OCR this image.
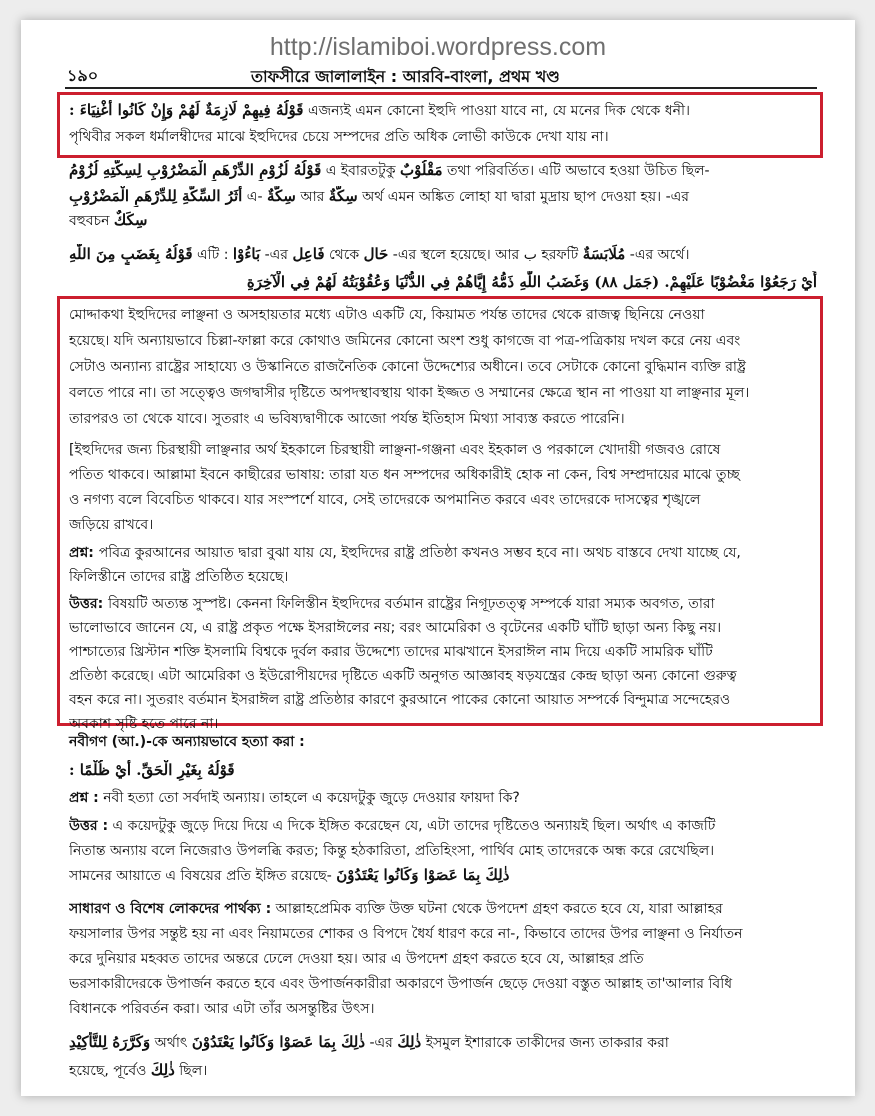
http://islamiboi.wordpress.com
১৯০	তাফসীরে জালালাইন : আরবি-বাংলা, প্রথম খণ্ড
قَوْلُهُ فِيهِمْ لَازِمَةٌ لَهُمْ وَإِنْ كَانُوا أَغْنِيَاءَ : এজন্যই এমন কোনো ইহুদি পাওয়া যাবে না, যে মনের দিক থেকে ধনী।
পৃথিবীর সকল ধর্মালম্বীদের মাঝে ইহুদিদের চেয়ে সম্পদের প্রতি অধিক লোভী কাউকে দেখা যায় না।
لُزُوْمُ قَوْلُهُ لُزُوْمِ الدِّرْهَمِ الْمَضْرُوْبِ لِسِكَّتِهِ এ ইবারতটুকু مَقْلُوْبٌ তথা পরিবর্তিত। এটি অভাবে হওয়া উচিত ছিল-
أَثَرُ السِّكَّةِ لِلدِّرْهَمِ الْمَضْرُوْبِ এ- سِكَّةٌ আর سِكَّةٌ অর্থ এমন অঙ্কিত লোহা যা দ্বারা মুদ্রায় ছাপ দেওয়া হয়। -এর
বহুবচন سِكَكٌ
قَوْلُهُ بِغَضَبٍ مِنَ اللّٰهِ এটি : بَاءُوْا -এর فَاعِل থেকে حَال -এর স্থলে হয়েছে। আর ب হরফটি مُلَابَسَةٌ -এর অর্থে।
أَيْ رَجَعُوْا مَغْضُوْبًا عَلَيْهِمْ. (جَمَل ٨٨) وَغَضَبُ اللّٰهِ ذَمُّهُ إِيَّاهُمْ فِي الدُّنْيَا وَعُقُوْبَتُهُ لَهُمْ فِي الْآخِرَةِ
মোদ্দাকথা ইহুদিদের লাঞ্ছনা ও অসহায়তার মধ্যে এটাও একটি যে, কিয়ামত পর্যন্ত তাদের থেকে রাজত্ব ছিনিয়ে নেওয়া
হয়েছে। যদি অন্যায়ভাবে চিল্লা-ফাল্লা করে কোথাও জমিনের কোনো অংশ শুধু কাগজে বা পত্র-পত্রিকায় দখল করে নেয় এবং
সেটাও অন্যান্য রাষ্ট্রের সাহায্যে ও উস্কানিতে রাজনৈতিক কোনো উদ্দেশ্যের অধীনে। তবে সেটাকে কোনো বুদ্ধিমান ব্যক্তি রাষ্ট্র
বলতে পারে না। তা সত্ত্বেও জগদ্বাসীর দৃষ্টিতে অপদস্থাবস্থায় থাকা ইজ্জত ও সম্মানের ক্ষেত্রে স্থান না পাওয়া যা লাঞ্ছনার মূল।
তারপরও তা থেকে যাবে। সুতরাং এ ভবিষ্যদ্বাণীকে আজো পর্যন্ত ইতিহাস মিথ্যা সাব্যস্ত করতে পারেনি।
[ইহুদিদের জন্য চিরস্থায়ী লাঞ্ছনার অর্থ ইহকালে চিরস্থায়ী লাঞ্ছনা-গঞ্জনা এবং ইহকাল ও পরকালে খোদায়ী গজবও রোষে
পতিত থাকবে। আল্লামা ইবনে কাছীরের ভাষায়: তারা যত ধন সম্পদের অধিকারীই হোক না কেন, বিশ্ব সম্প্রদায়ের মাঝে তুচ্ছ
ও নগণ্য বলে বিবেচিত থাকবে। যার সংস্পর্শে যাবে, সেই তাদেরকে অপমানিত করবে এবং তাদেরকে দাসত্বের শৃঙ্খলে
জড়িয়ে রাখবে।
প্রশ্ন: পবিত্র কুরআনের আয়াত দ্বারা বুঝা যায় যে, ইহুদিদের রাষ্ট্র প্রতিষ্ঠা কখনও সম্ভব হবে না। অথচ বাস্তবে দেখা যাচ্ছে যে,
ফিলিস্তীনে তাদের রাষ্ট্র প্রতিষ্ঠিত হয়েছে।
উত্তর: বিষয়টি অত্যন্ত সুস্পষ্ট। কেননা ফিলিস্তীন ইহুদিদের বর্তমান রাষ্ট্রের নিগূঢ়তত্ত্ব সম্পর্কে যারা সম্যক অবগত, তারা
ভালোভাবে জানেন যে, এ রাষ্ট্র প্রকৃত পক্ষে ইসরাঈলের নয়; বরং আমেরিকা ও বৃটেনের একটি ঘাঁটি ছাড়া অন্য কিছু নয়।
পাশ্চাত্যের খ্রিস্টান শক্তি ইসলামি বিশ্বকে দুর্বল করার উদ্দেশ্যে তাদের মাঝখানে ইসরাঈল নাম দিয়ে একটি সামরিক ঘাঁটি
প্রতিষ্ঠা করেছে। এটা আমেরিকা ও ইউরোপীয়দের দৃষ্টিতে একটি অনুগত আজ্ঞাবহ ষড়যন্ত্রের কেন্দ্র ছাড়া অন্য কোনো গুরুত্ব
বহন করে না। সুতরাং বর্তমান ইসরাঈল রাষ্ট্র প্রতিষ্ঠার কারণে কুরআনে পাকের কোনো আয়াত সম্পর্কে বিন্দুমাত্র সন্দেহেরও
অবকাশ সৃষ্টি হতে পারে না।
নবীগণ (আ.)-কে অন্যায়ভাবে হত্যা করা :
قَوْلُهُ بِغَيْرِ الْحَقِّ. أَيْ ظُلْمًا :
প্রশ্ন : নবী হত্যা তো সর্বদাই অন্যায়। তাহলে এ কয়েদটুকু জুড়ে দেওয়ার ফায়দা কি?
উত্তর : এ কয়েদটুকু জুড়ে দিয়ে দিয়ে এ দিকে ইঙ্গিত করেছেন যে, এটা তাদের দৃষ্টিতেও অন্যায়ই ছিল। অর্থাৎ এ কাজটি
নিতান্ত অন্যায় বলে নিজেরাও উপলব্ধি করত; কিন্তু হঠকারিতা, প্রতিহিংসা, পার্থিব মোহ তাদেরকে অন্ধ করে রেখেছিল।
সামনের আয়াতে এ বিষয়ের প্রতি ইঙ্গিত রয়েছে- ذٰلِكَ بِمَا عَصَوْا وَكَانُوا يَعْتَدُوْنَ
সাধারণ ও বিশেষ লোকদের পার্থক্য : আল্লাহপ্রেমিক ব্যক্তি উক্ত ঘটনা থেকে উপদেশ গ্রহণ করতে হবে যে, যারা আল্লাহর
ফয়সালার উপর সন্তুষ্ট হয় না এবং নিয়ামতের শোকর ও বিপদে ধৈর্য ধারণ করে না-, কিভাবে তাদের উপর লাঞ্ছনা ও নির্যাতন
করে দুনিয়ার মহব্বত তাদের অন্তরে ঢেলে দেওয়া হয়। আর এ উপদেশ গ্রহণ করতে হবে যে, আল্লাহর প্রতি
ভরসাকারীদেরকে উপার্জন করতে হবে এবং উপার্জনকারীরা অকারণে উপার্জন ছেড়ে দেওয়া বস্তুত আল্লাহ তা'আলার বিধি
বিধানকে পরিবর্তন করা। আর এটা তাঁর অসন্তুষ্টির উৎস।
وَكَرَّرَهُ لِلتَّأْكِيْدِ অর্থাৎ ذٰلِكَ بِمَا عَصَوْا وَكَانُوا يَعْتَدُوْنَ -এর ذٰلِكَ ইসমুল ইশারাকে তাকীদের জন্য তাকরার করা
হয়েছে, পূর্বেও ذٰلِكَ ছিল।
